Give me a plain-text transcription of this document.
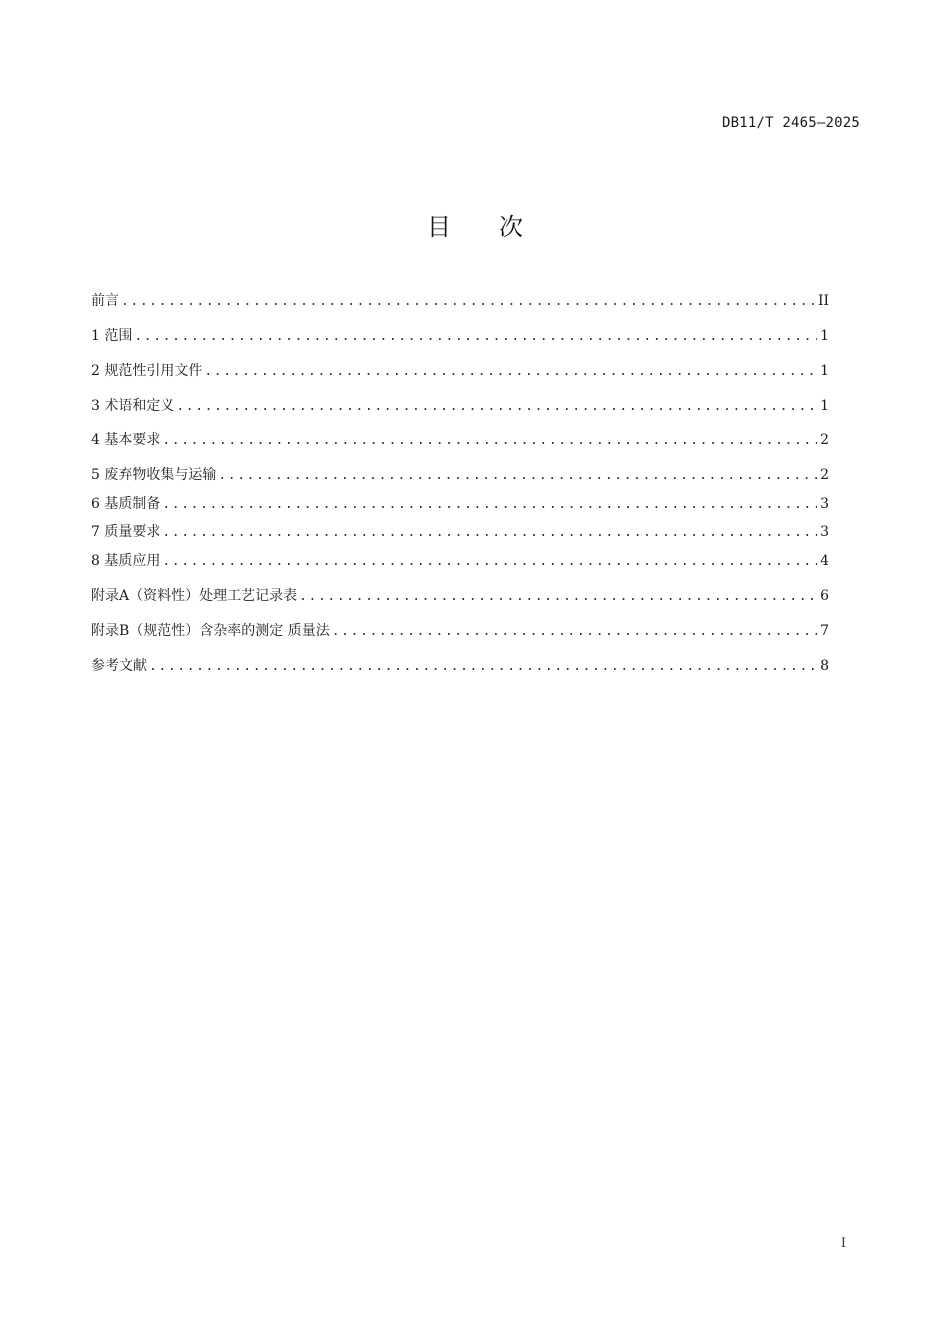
DB11/T 2465—2025
目次
前言 .....	II
1 范围 .....	1
2 规范性引用文件 .....	1
3 术语和定义 .....	1
4 基本要求 .....	2
5 废弃物收集与运输 .....	2
6 基质制备 .....	3
7 质量要求 .....	3
8 基质应用 .....	4
附录A（资料性）处理工艺记录表 .....	6
附录B（规范性）含杂率的测定 质量法 .....	7
参考文献 .....	8
I
